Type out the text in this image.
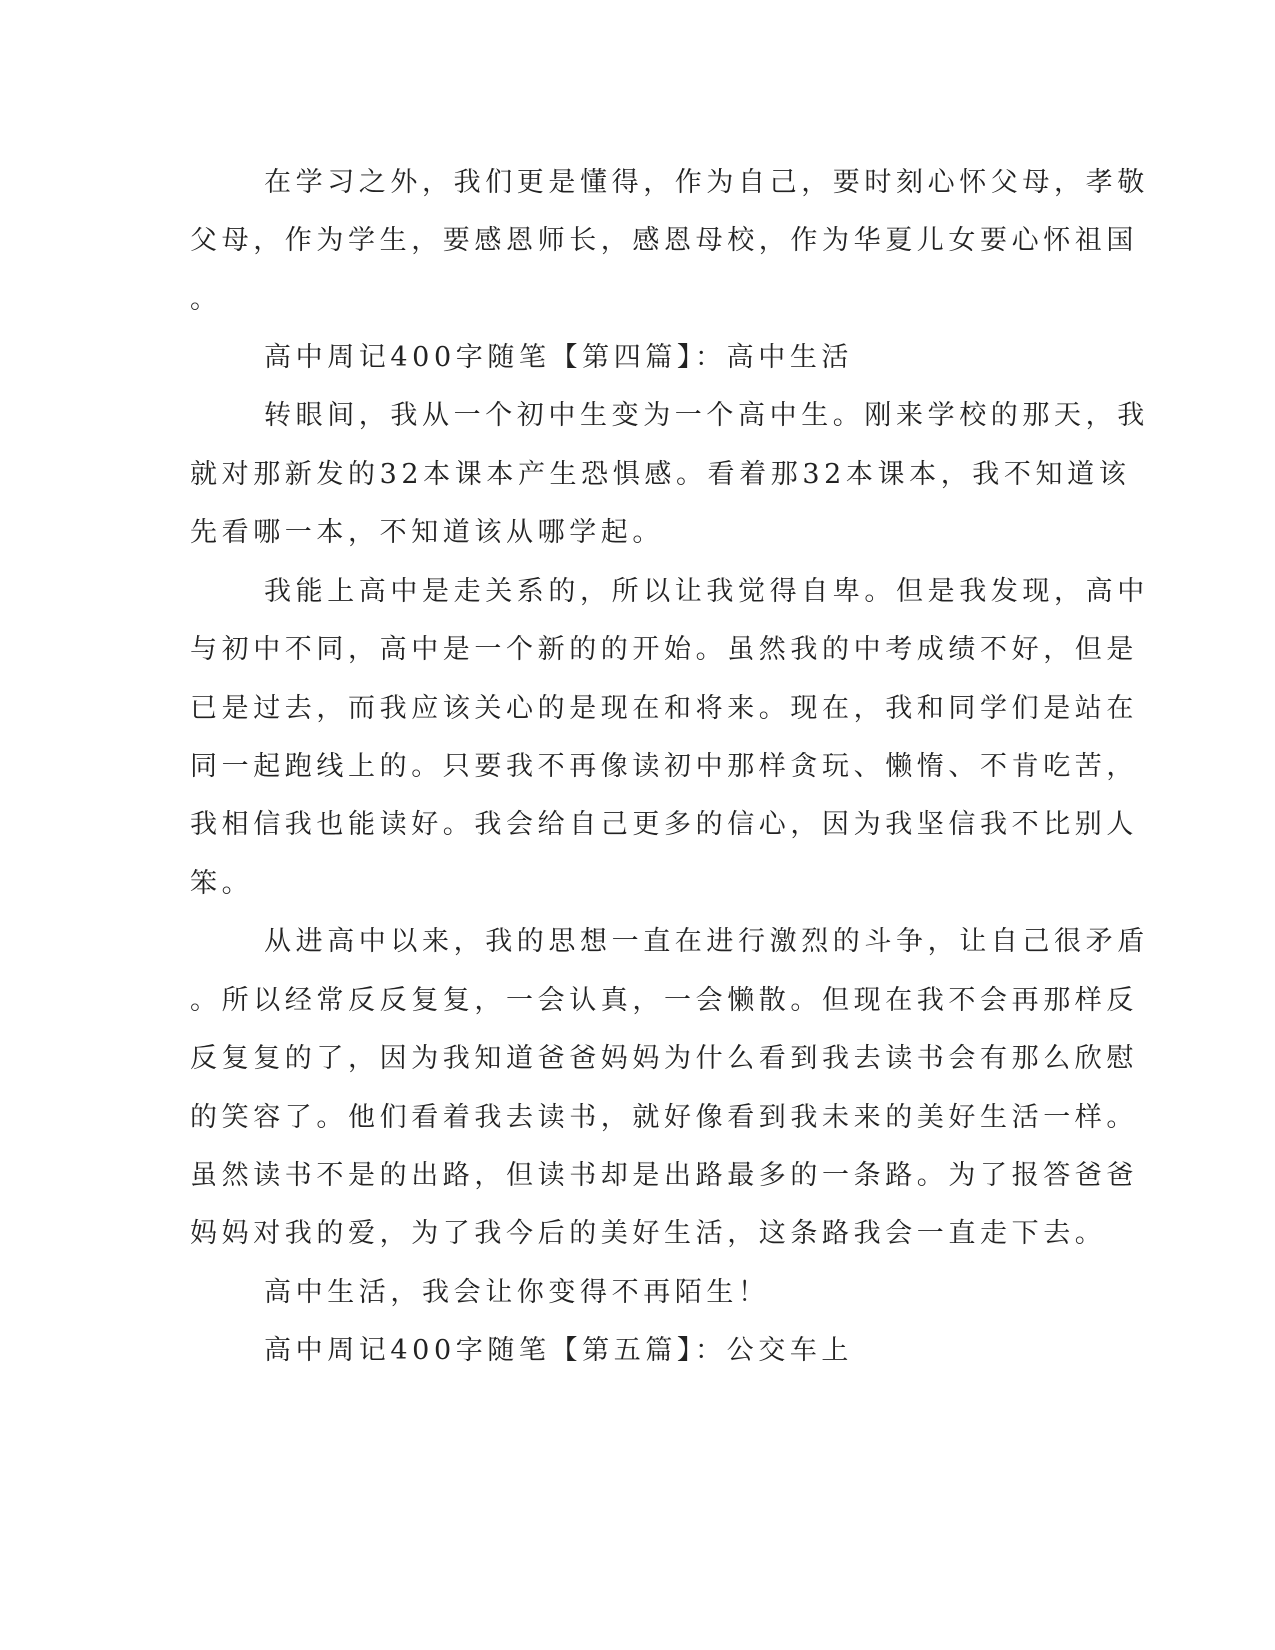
在学习之外，我们更是懂得，作为自己，要时刻心怀父母，孝敬
父母，作为学生，要感恩师长，感恩母校，作为华夏儿女要心怀祖国
。
高中周记400字随笔【第四篇】：高中生活
转眼间，我从一个初中生变为一个高中生。刚来学校的那天，我
就对那新发的32本课本产生恐惧感。看着那32本课本，我不知道该
先看哪一本，不知道该从哪学起。
我能上高中是走关系的，所以让我觉得自卑。但是我发现，高中
与初中不同，高中是一个新的的开始。虽然我的中考成绩不好，但是
已是过去，而我应该关心的是现在和将来。现在，我和同学们是站在
同一起跑线上的。只要我不再像读初中那样贪玩、懒惰、不肯吃苦，
我相信我也能读好。我会给自己更多的信心，因为我坚信我不比别人
笨。
从进高中以来，我的思想一直在进行激烈的斗争，让自己很矛盾
。所以经常反反复复，一会认真，一会懒散。但现在我不会再那样反
反复复的了，因为我知道爸爸妈妈为什么看到我去读书会有那么欣慰
的笑容了。他们看着我去读书，就好像看到我未来的美好生活一样。
虽然读书不是的出路，但读书却是出路最多的一条路。为了报答爸爸
妈妈对我的爱，为了我今后的美好生活，这条路我会一直走下去。
高中生活，我会让你变得不再陌生！
高中周记400字随笔【第五篇】：公交车上
